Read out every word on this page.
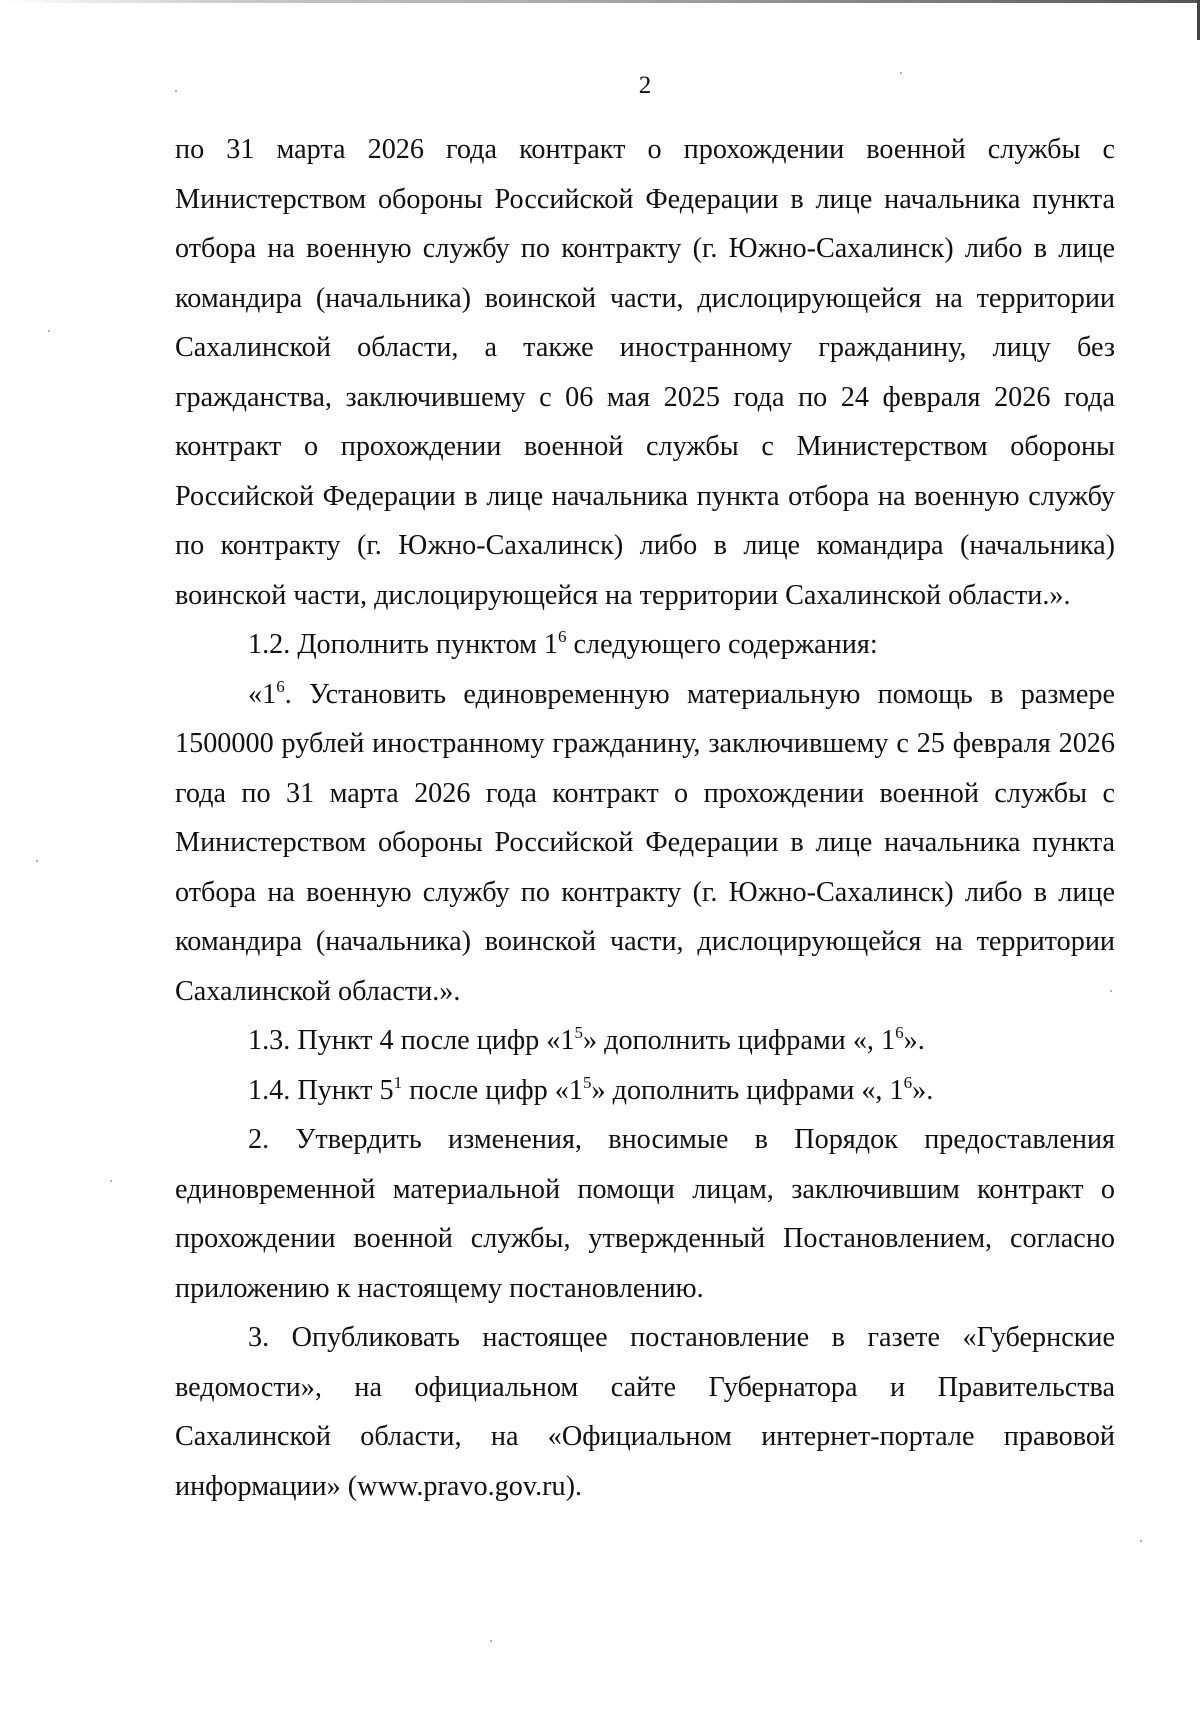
2

по 31 марта 2026 года контракт о прохождении военной службы с Министерством обороны Российской Федерации в лице начальника пункта отбора на военную службу по контракту (г. Южно-Сахалинск) либо в лице командира (начальника) воинской части, дислоцирующейся на территории Сахалинской области, а также иностранному гражданину, лицу без гражданства, заключившему с 06 мая 2025 года по 24 февраля 2026 года контракт о прохождении военной службы с Министерством обороны Российской Федерации в лице начальника пункта отбора на военную службу по контракту (г. Южно-Сахалинск) либо в лице командира (начальника) воинской части, дислоцирующейся на территории Сахалинской области.».

1.2. Дополнить пунктом $1^6$ следующего содержания:

«$1^6$. Установить единовременную материальную помощь в размере 1500000 рублей иностранному гражданину, заключившему с 25 февраля 2026 года по 31 марта 2026 года контракт о прохождении военной службы с Министерством обороны Российской Федерации в лице начальника пункта отбора на военную службу по контракту (г. Южно-Сахалинск) либо в лице командира (начальника) воинской части, дислоцирующейся на территории Сахалинской области.».

1.3. Пункт 4 после цифр «$1^5$» дополнить цифрами «, $1^6$».

1.4. Пункт $5^1$ после цифр «$1^5$» дополнить цифрами «, $1^6$».

2. Утвердить изменения, вносимые в Порядок предоставления единовременной материальной помощи лицам, заключившим контракт о прохождении военной службы, утвержденный Постановлением, согласно приложению к настоящему постановлению.

3. Опубликовать настоящее постановление в газете «Губернские ведомости», на официальном сайте Губернатора и Правительства Сахалинской области, на «Официальном интернет-портале правовой информации» (www.pravo.gov.ru).
